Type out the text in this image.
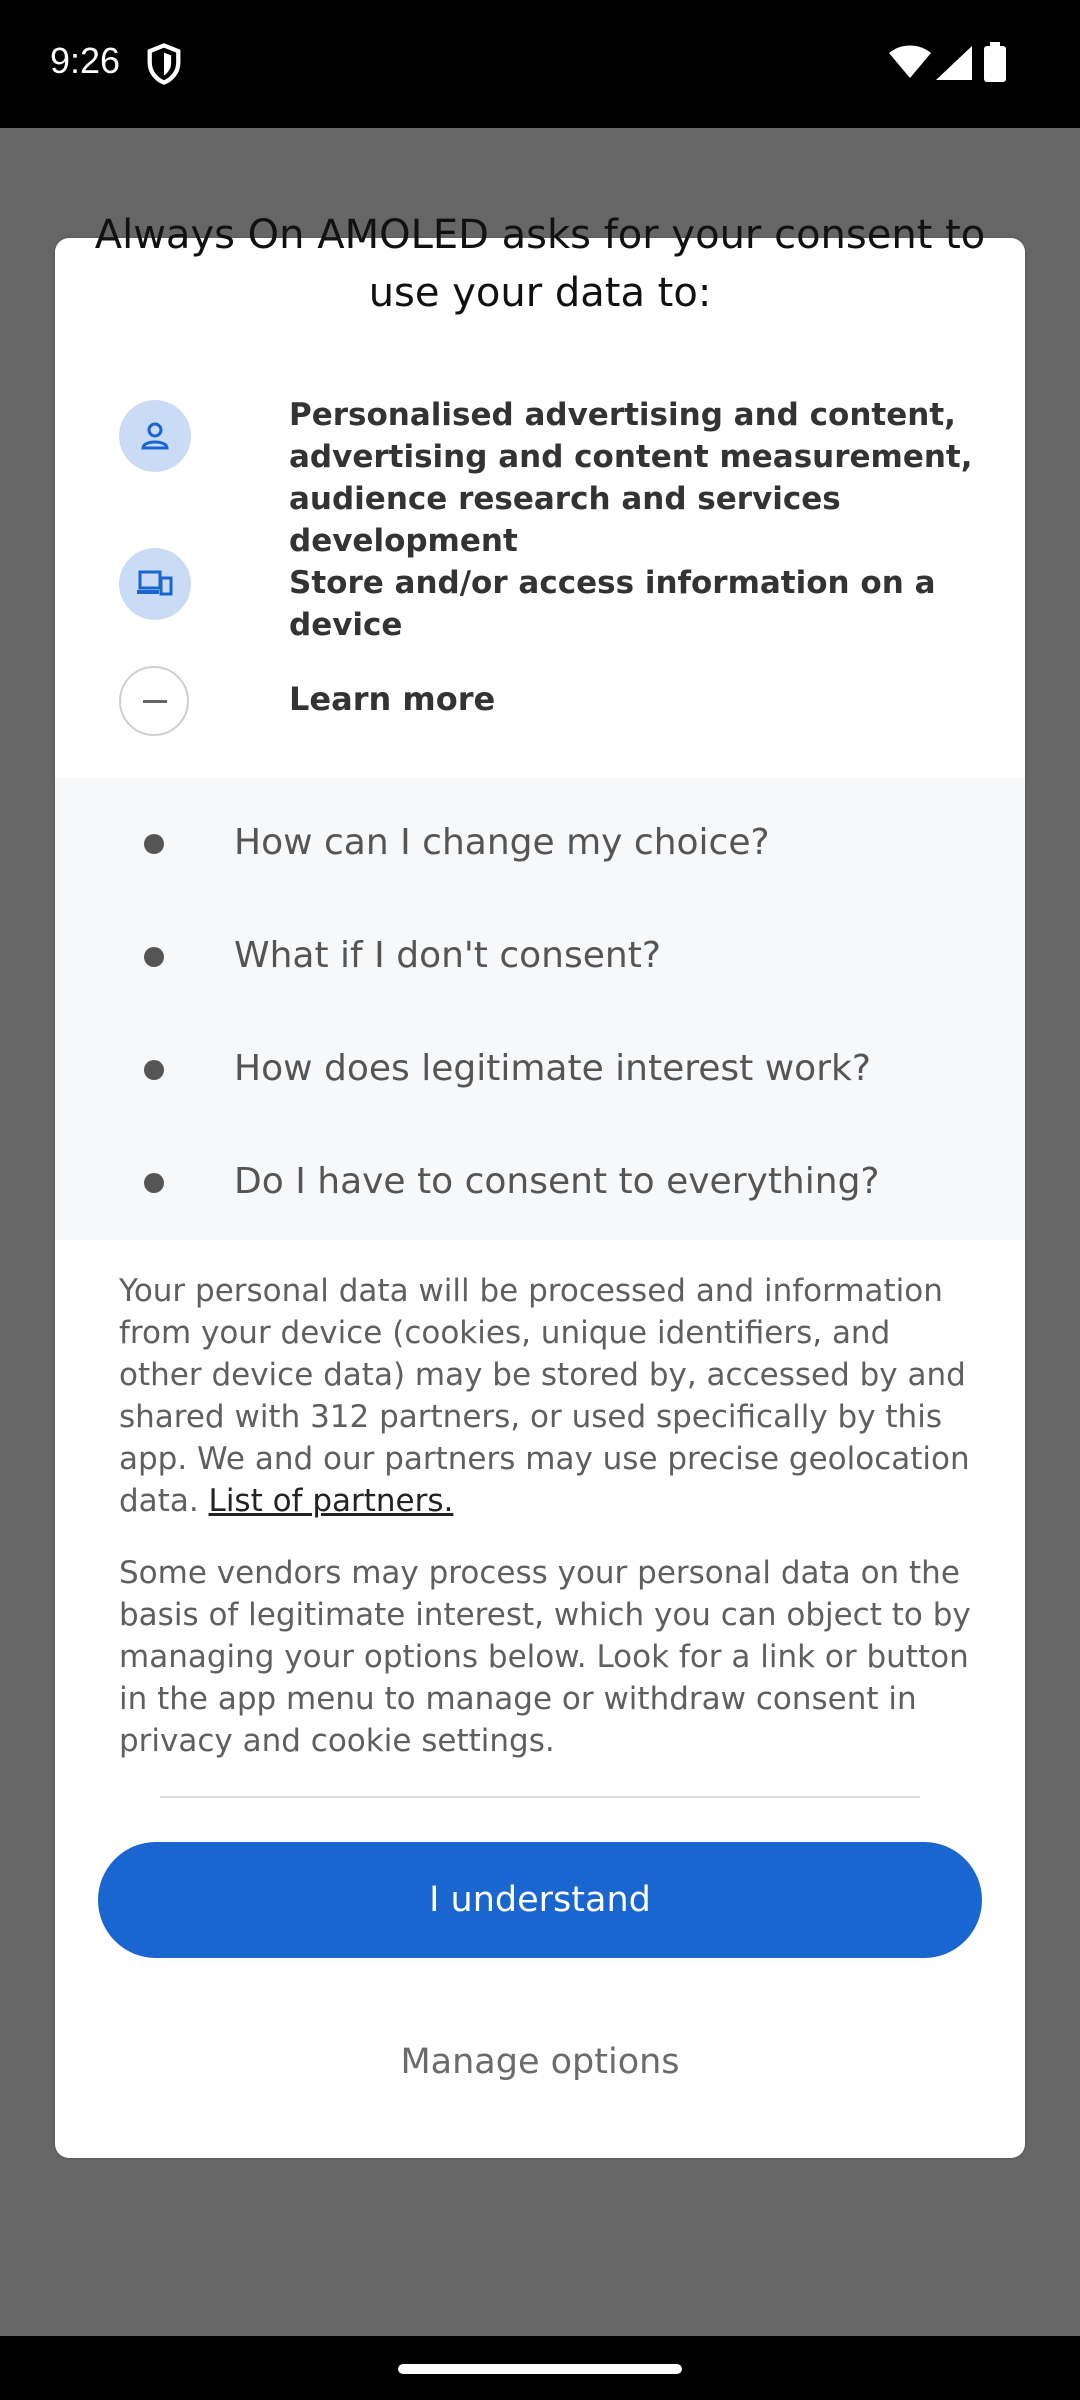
9:26
Always On AMOLED asks for your consent to use your data to:
Personalised advertising and content, advertising and content measurement, audience research and services development
Store and/or access information on a device
Learn more
How can I change my choice?
What if I don't consent?
How does legitimate interest work?
Do I have to consent to everything?
Your personal data will be processed and information from your device (cookies, unique identifiers, and other device data) may be stored by, accessed by and shared with 312 partners, or used specifically by this app. We and our partners may use precise geolocation data. List of partners.
Some vendors may process your personal data on the basis of legitimate interest, which you can object to by managing your options below. Look for a link or button in the app menu to manage or withdraw consent in privacy and cookie settings.
I understand
Manage options
